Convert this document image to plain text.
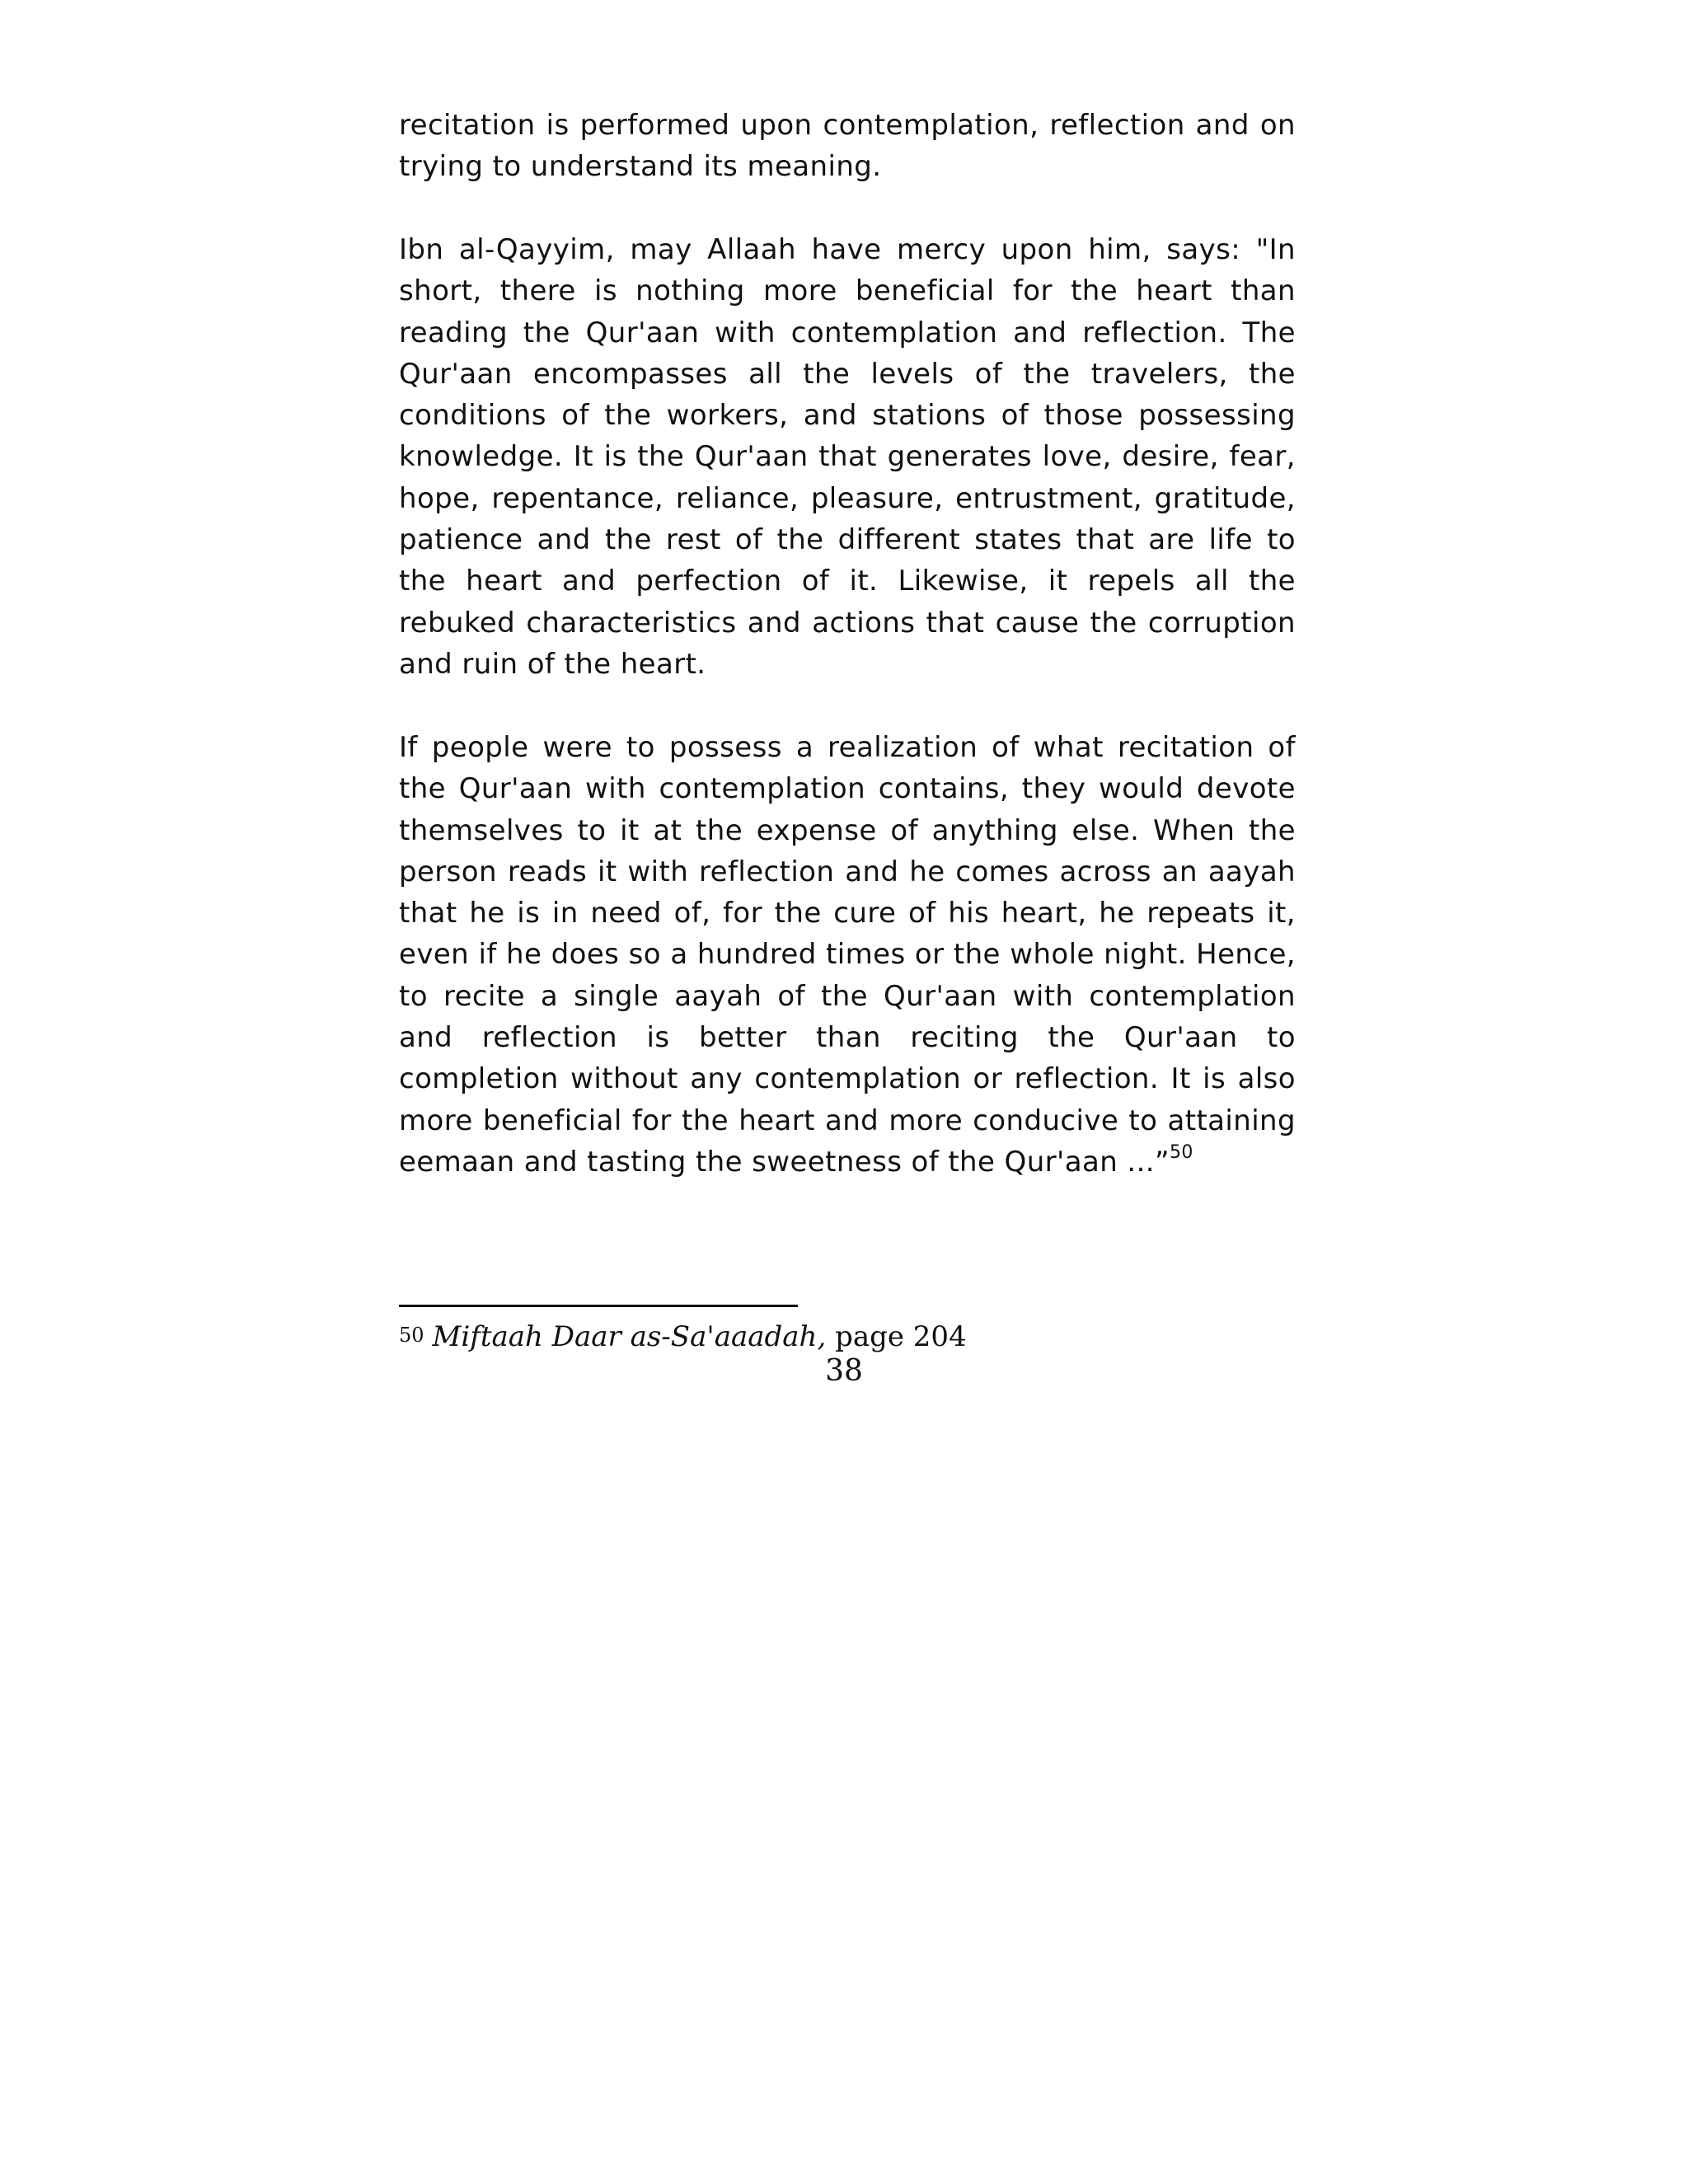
recitation is performed upon contemplation, reflection and on trying to understand its meaning.

Ibn al-Qayyim, may Allaah have mercy upon him, says: "In short, there is nothing more beneficial for the heart than reading the Qur'aan with contemplation and reflection. The Qur'aan encompasses all the levels of the travelers, the conditions of the workers, and stations of those possessing knowledge. It is the Qur'aan that generates love, desire, fear, hope, repentance, reliance, pleasure, entrustment, gratitude, patience and the rest of the different states that are life to the heart and perfection of it. Likewise, it repels all the rebuked characteristics and actions that cause the corruption and ruin of the heart.

If people were to possess a realization of what recitation of the Qur'aan with contemplation contains, they would devote themselves to it at the expense of anything else. When the person reads it with reflection and he comes across an aayah that he is in need of, for the cure of his heart, he repeats it, even if he does so a hundred times or the whole night. Hence, to recite a single aayah of the Qur'aan with contemplation and reflection is better than reciting the Qur'aan to completion without any contemplation or reflection. It is also more beneficial for the heart and more conducive to attaining eemaan and tasting the sweetness of the Qur'aan ...”$^{50}$

$^{50}$ Miftaah Daar as-Sa'aaadah, page 204
38
